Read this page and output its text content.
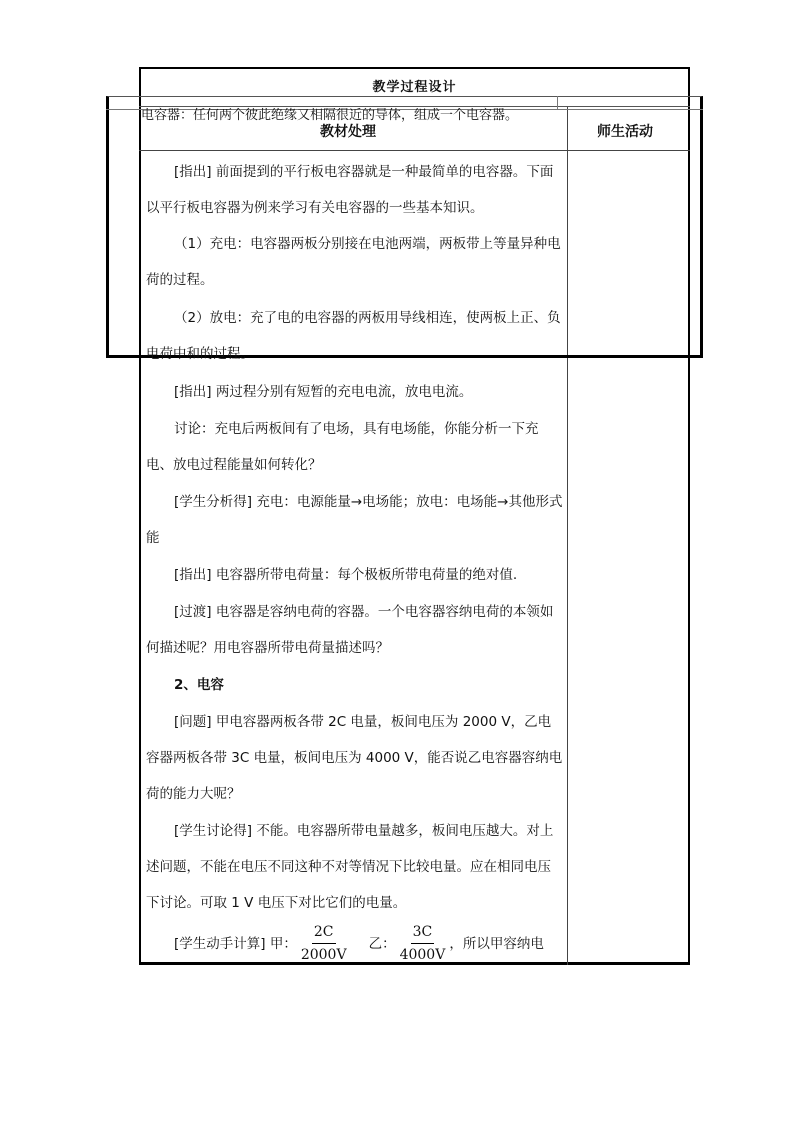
教学过程设计
电容器：任何两个彼此绝缘又相隔很近的导体，组成一个电容器。
教材处理	师生活动

[指出] 前面提到的平行板电容器就是一种最简单的电容器。下面以平行板电容器为例来学习有关电容器的一些基本知识。

（1）充电：电容器两板分别接在电池两端，两板带上等量异种电荷的过程。

（2）放电：充了电的电容器的两板用导线相连，使两板上正、负电荷中和的过程。

[指出] 两过程分别有短暂的充电电流，放电电流。

讨论：充电后两板间有了电场，具有电场能，你能分析一下充电、放电过程能量如何转化？

[学生分析得] 充电：电源能量→电场能；放电：电场能→其他形式能

[指出] 电容器所带电荷量：每个极板所带电荷量的绝对值.

[过渡] 电容器是容纳电荷的容器。一个电容器容纳电荷的本领如何描述呢？用电容器所带电荷量描述吗？

2、电容

[问题] 甲电容器两板各带 2C 电量，板间电压为 2000 V，乙电容器两板各带 3C 电量，板间电压为 4000 V，能否说乙电容器容纳电荷的能力大呢？

[学生讨论得] 不能。电容器所带电量越多，板间电压越大。对上述问题，不能在电压不同这种不对等情况下比较电量。应在相同电压下讨论。可取 1 V 电压下对比它们的电量。

[学生动手计算] 甲： $\frac{2C}{2000V}$ 乙： $\frac{3C}{4000V}$ ，所以甲容纳电
